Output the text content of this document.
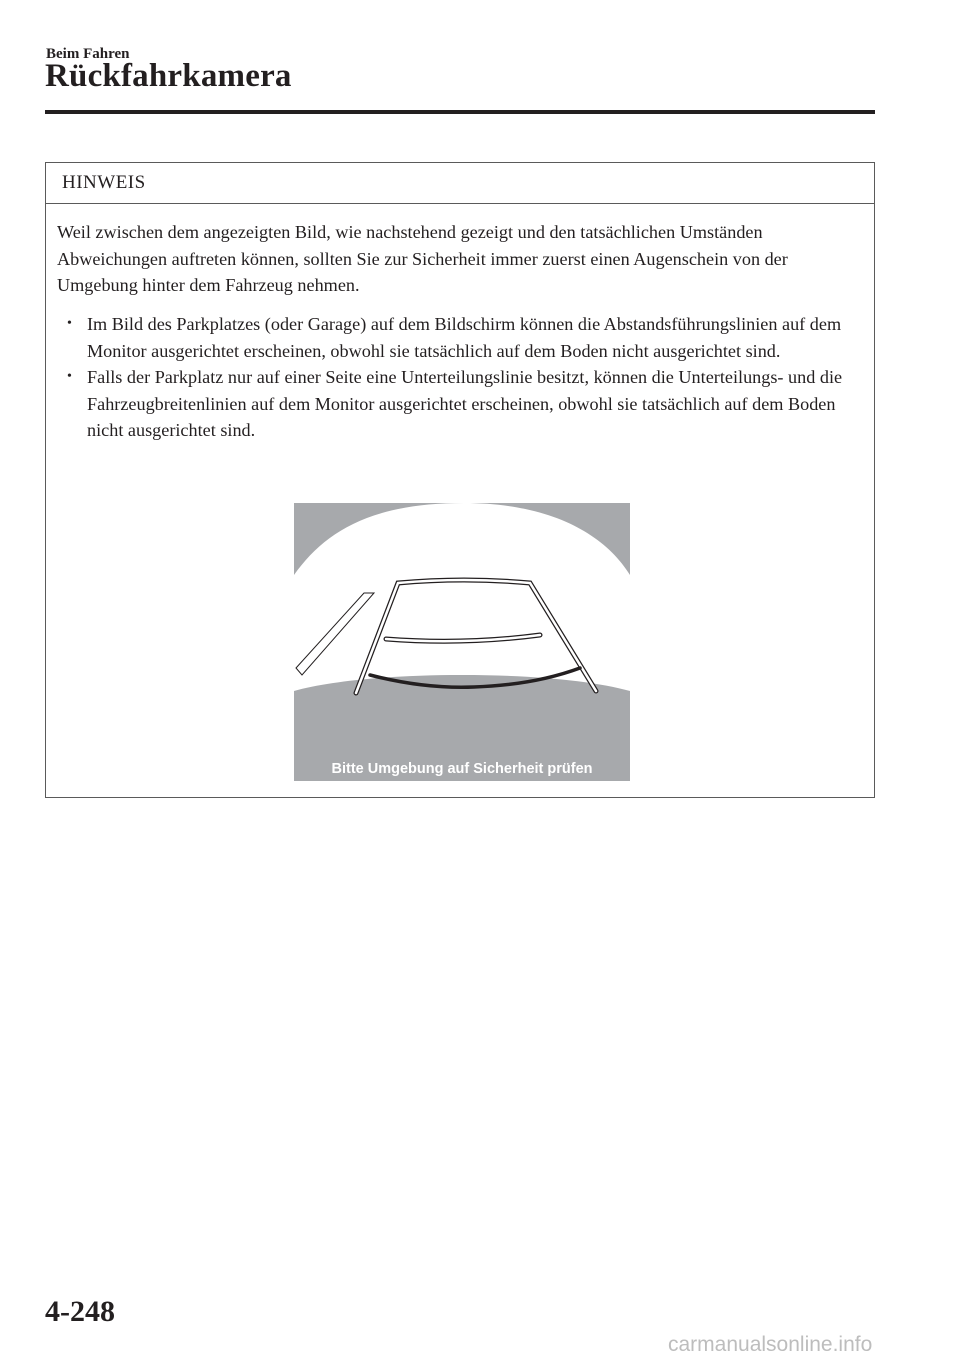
Beim Fahren
Rückfahrkamera
HINWEIS
Weil zwischen dem angezeigten Bild, wie nachstehend gezeigt und den tatsächlichen Umständen Abweichungen auftreten können, sollten Sie zur Sicherheit immer zuerst einen Augenschein von der Umgebung hinter dem Fahrzeug nehmen.
• Im Bild des Parkplatzes (oder Garage) auf dem Bildschirm können die Abstandsführungslinien auf dem Monitor ausgerichtet erscheinen, obwohl sie tatsächlich auf dem Boden nicht ausgerichtet sind.
• Falls der Parkplatz nur auf einer Seite eine Unterteilungslinie besitzt, können die Unterteilungs- und die Fahrzeugbreitenlinien auf dem Monitor ausgerichtet erscheinen, obwohl sie tatsächlich auf dem Boden nicht ausgerichtet sind.
Bitte Umgebung auf Sicherheit prüfen
4-248
carmanualsonline.info
